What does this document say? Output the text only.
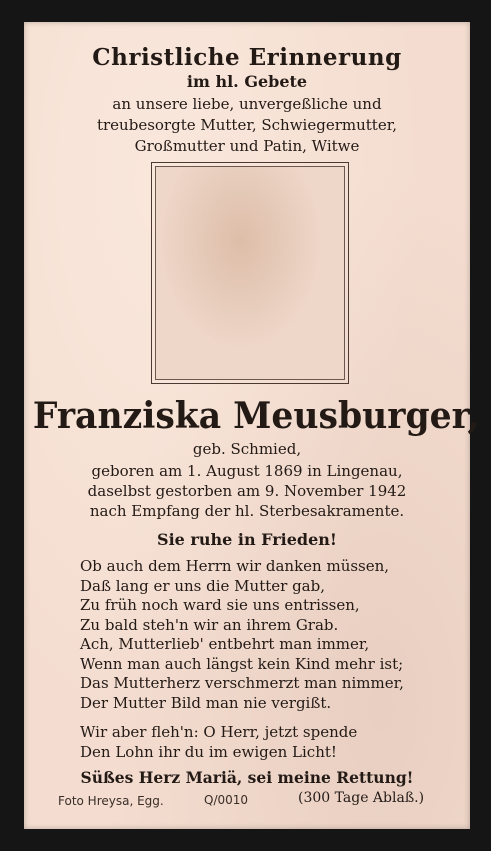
Christliche Erinnerung
im hl. Gebete
an unsere liebe, unvergeßliche und
treubesorgte Mutter, Schwiegermutter,
Großmutter und Patin, Witwe
Franziska Meusburger,
geb. Schmied,
geboren am 1. August 1869 in Lingenau,
daselbst gestorben am 9. November 1942
nach Empfang der hl. Sterbesakramente.
Sie ruhe in Frieden!
Ob auch dem Herrn wir danken müssen,
Daß lang er uns die Mutter gab,
Zu früh noch ward sie uns entrissen,
Zu bald steh'n wir an ihrem Grab.
Ach, Mutterlieb' entbehrt man immer,
Wenn man auch längst kein Kind mehr ist;
Das Mutterherz verschmerzt man nimmer,
Der Mutter Bild man nie vergißt.
Wir aber fleh'n: O Herr, jetzt spende
Den Lohn ihr du im ewigen Licht!
Süßes Herz Mariä, sei meine Rettung!
Foto Hreysa, Egg.	Q/0010	(300 Tage Ablaß.)
